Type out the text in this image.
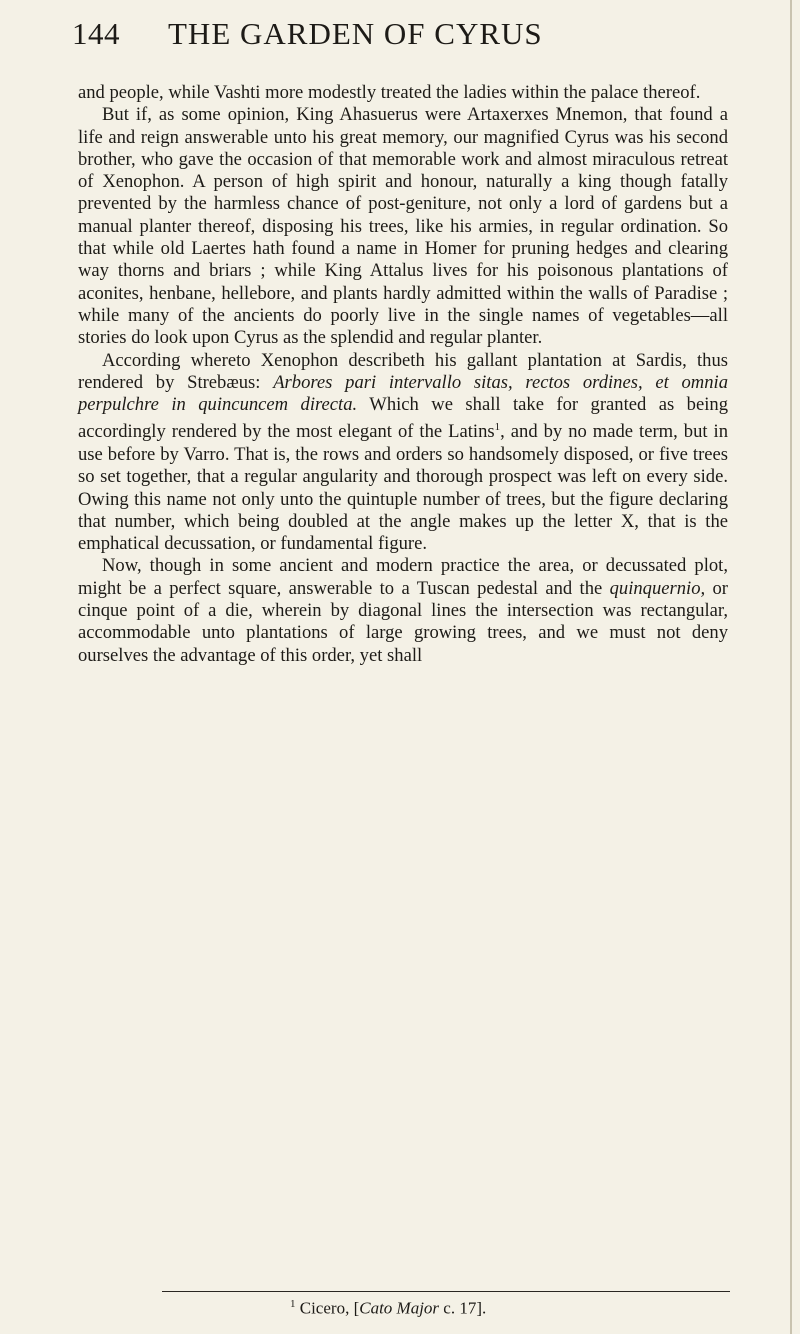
144 THE GARDEN OF CYRUS

and people, while Vashti more modestly treated the ladies within the palace thereof.

But if, as some opinion, King Ahasuerus were Artaxerxes Mnemon, that found a life and reign answerable unto his great memory, our magnified Cyrus was his second brother, who gave the occasion of that memorable work and almost miraculous retreat of Xenophon. A person of high spirit and honour, naturally a king though fatally prevented by the harmless chance of post-geniture, not only a lord of gardens but a manual planter thereof, disposing his trees, like his armies, in regular ordination. So that while old Laertes hath found a name in Homer for pruning hedges and clearing way thorns and briars ; while King Attalus lives for his poisonous plantations of aconites, henbane, hellebore, and plants hardly admitted within the walls of Paradise ; while many of the ancients do poorly live in the single names of vegetables—all stories do look upon Cyrus as the splendid and regular planter.

According whereto Xenophon describeth his gallant plantation at Sardis, thus rendered by Strebæus: Arbores pari intervallo sitas, rectos ordines, et omnia perpulchre in quincuncem directa. Which we shall take for granted as being accordingly rendered by the most elegant of the Latins$^1$, and by no made term, but in use before by Varro. That is, the rows and orders so handsomely disposed, or five trees so set together, that a regular angularity and thorough prospect was left on every side. Owing this name not only unto the quintuple number of trees, but the figure declaring that number, which being doubled at the angle makes up the letter X, that is the emphatical decussation, or fundamental figure.

Now, though in some ancient and modern practice the area, or decussated plot, might be a perfect square, answerable to a Tuscan pedestal and the quinquernio, or cinque point of a die, wherein by diagonal lines the intersection was rectangular, accommodable unto plantations of large growing trees, and we must not deny ourselves the advantage of this order, yet shall

$^1$ Cicero, [Cato Major c. 17].
